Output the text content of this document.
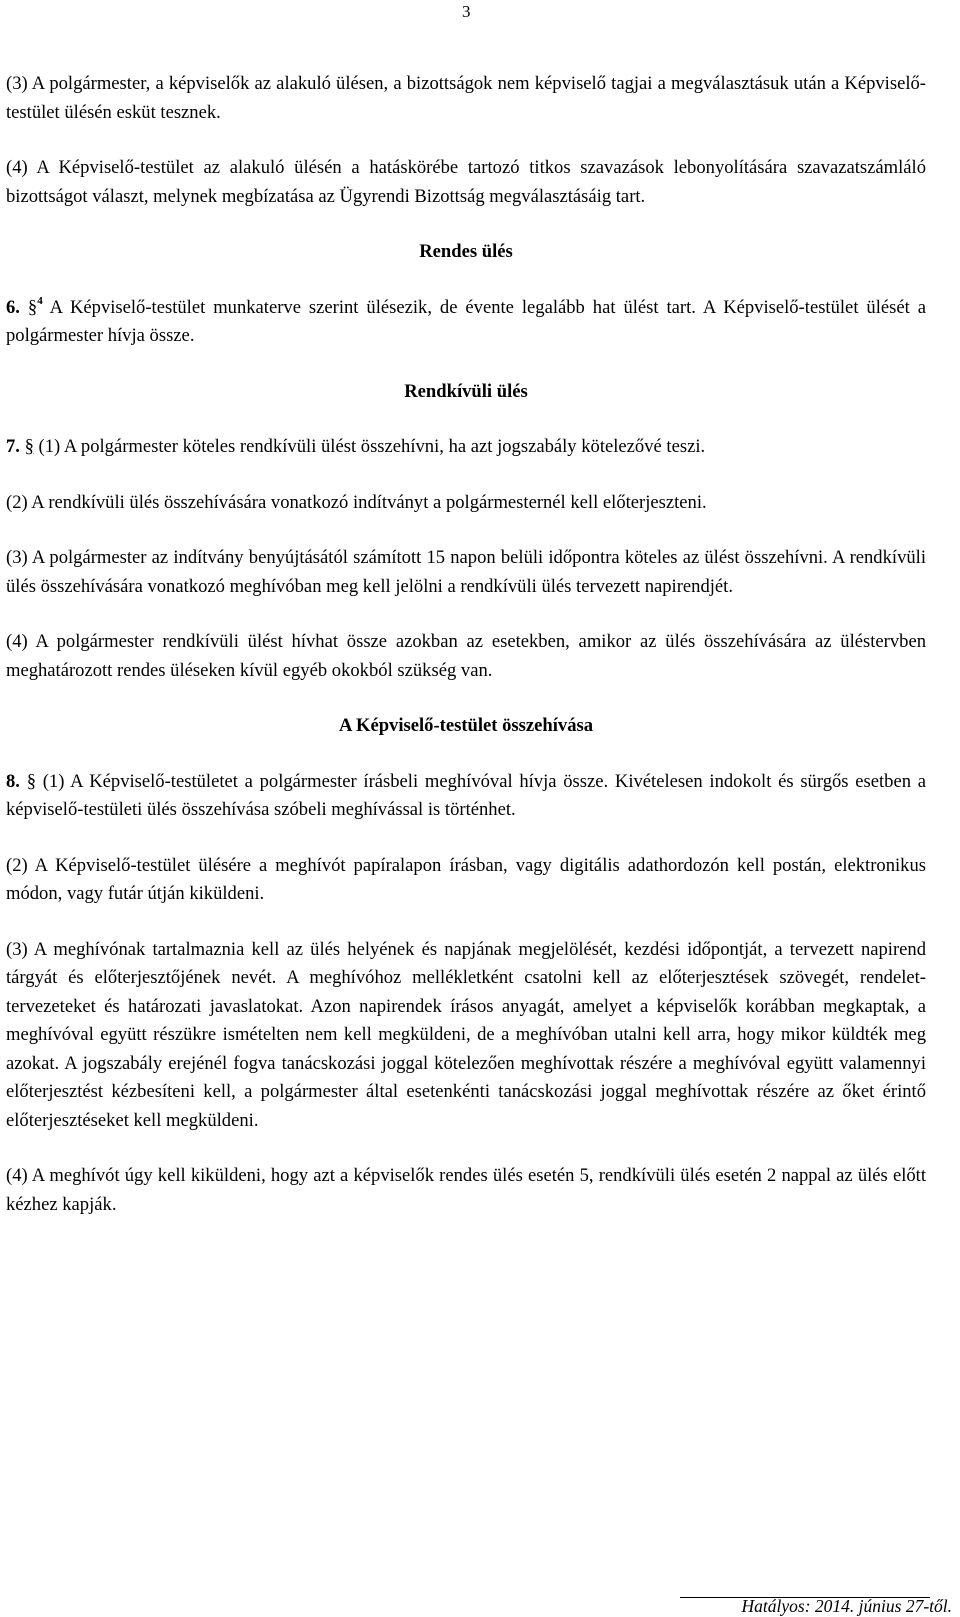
3

(3) A polgármester, a képviselők az alakuló ülésen, a bizottságok nem képviselő tagjai a megválasztásuk után a Képviselő-testület ülésén esküt tesznek.

(4) A Képviselő-testület az alakuló ülésén a hatáskörébe tartozó titkos szavazások lebonyolítására szavazatszámláló bizottságot választ, melynek megbízatása az Ügyrendi Bizottság megválasztásáig tart.

Rendes ülés

6. §$^4$ A Képviselő-testület munkaterve szerint ülésezik, de évente legalább hat ülést tart. A Képviselő-testület ülését a polgármester hívja össze.

Rendkívüli ülés

7. § (1) A polgármester köteles rendkívüli ülést összehívni, ha azt jogszabály kötelezővé teszi.

(2) A rendkívüli ülés összehívására vonatkozó indítványt a polgármesternél kell előterjeszteni.

(3) A polgármester az indítvány benyújtásától számított 15 napon belüli időpontra köteles az ülést összehívni. A rendkívüli ülés összehívására vonatkozó meghívóban meg kell jelölni a rendkívüli ülés tervezett napirendjét.

(4) A polgármester rendkívüli ülést hívhat össze azokban az esetekben, amikor az ülés összehívására az üléstervben meghatározott rendes üléseken kívül egyéb okokból szükség van.

A Képviselő-testület összehívása

8. § (1) A Képviselő-testületet a polgármester írásbeli meghívóval hívja össze. Kivételesen indokolt és sürgős esetben a képviselő-testületi ülés összehívása szóbeli meghívással is történhet.

(2) A Képviselő-testület ülésére a meghívót papíralapon írásban, vagy digitális adathordozón kell postán, elektronikus módon, vagy futár útján kiküldeni.

(3) A meghívónak tartalmaznia kell az ülés helyének és napjának megjelölését, kezdési időpontját, a tervezett napirend tárgyát és előterjesztőjének nevét. A meghívóhoz mellékletként csatolni kell az előterjesztések szövegét, rendelet-tervezeteket és határozati javaslatokat. Azon napirendek írásos anyagát, amelyet a képviselők korábban megkaptak, a meghívóval együtt részükre ismételten nem kell megküldeni, de a meghívóban utalni kell arra, hogy mikor küldték meg azokat. A jogszabály erejénél fogva tanácskozási joggal kötelezően meghívottak részére a meghívóval együtt valamennyi előterjesztést kézbesíteni kell, a polgármester által esetenkénti tanácskozási joggal meghívottak részére az őket érintő előterjesztéseket kell megküldeni.

(4) A meghívót úgy kell kiküldeni, hogy azt a képviselők rendes ülés esetén 5, rendkívüli ülés esetén 2 nappal az ülés előtt kézhez kapják.

Hatályos: 2014. június 27-től.
